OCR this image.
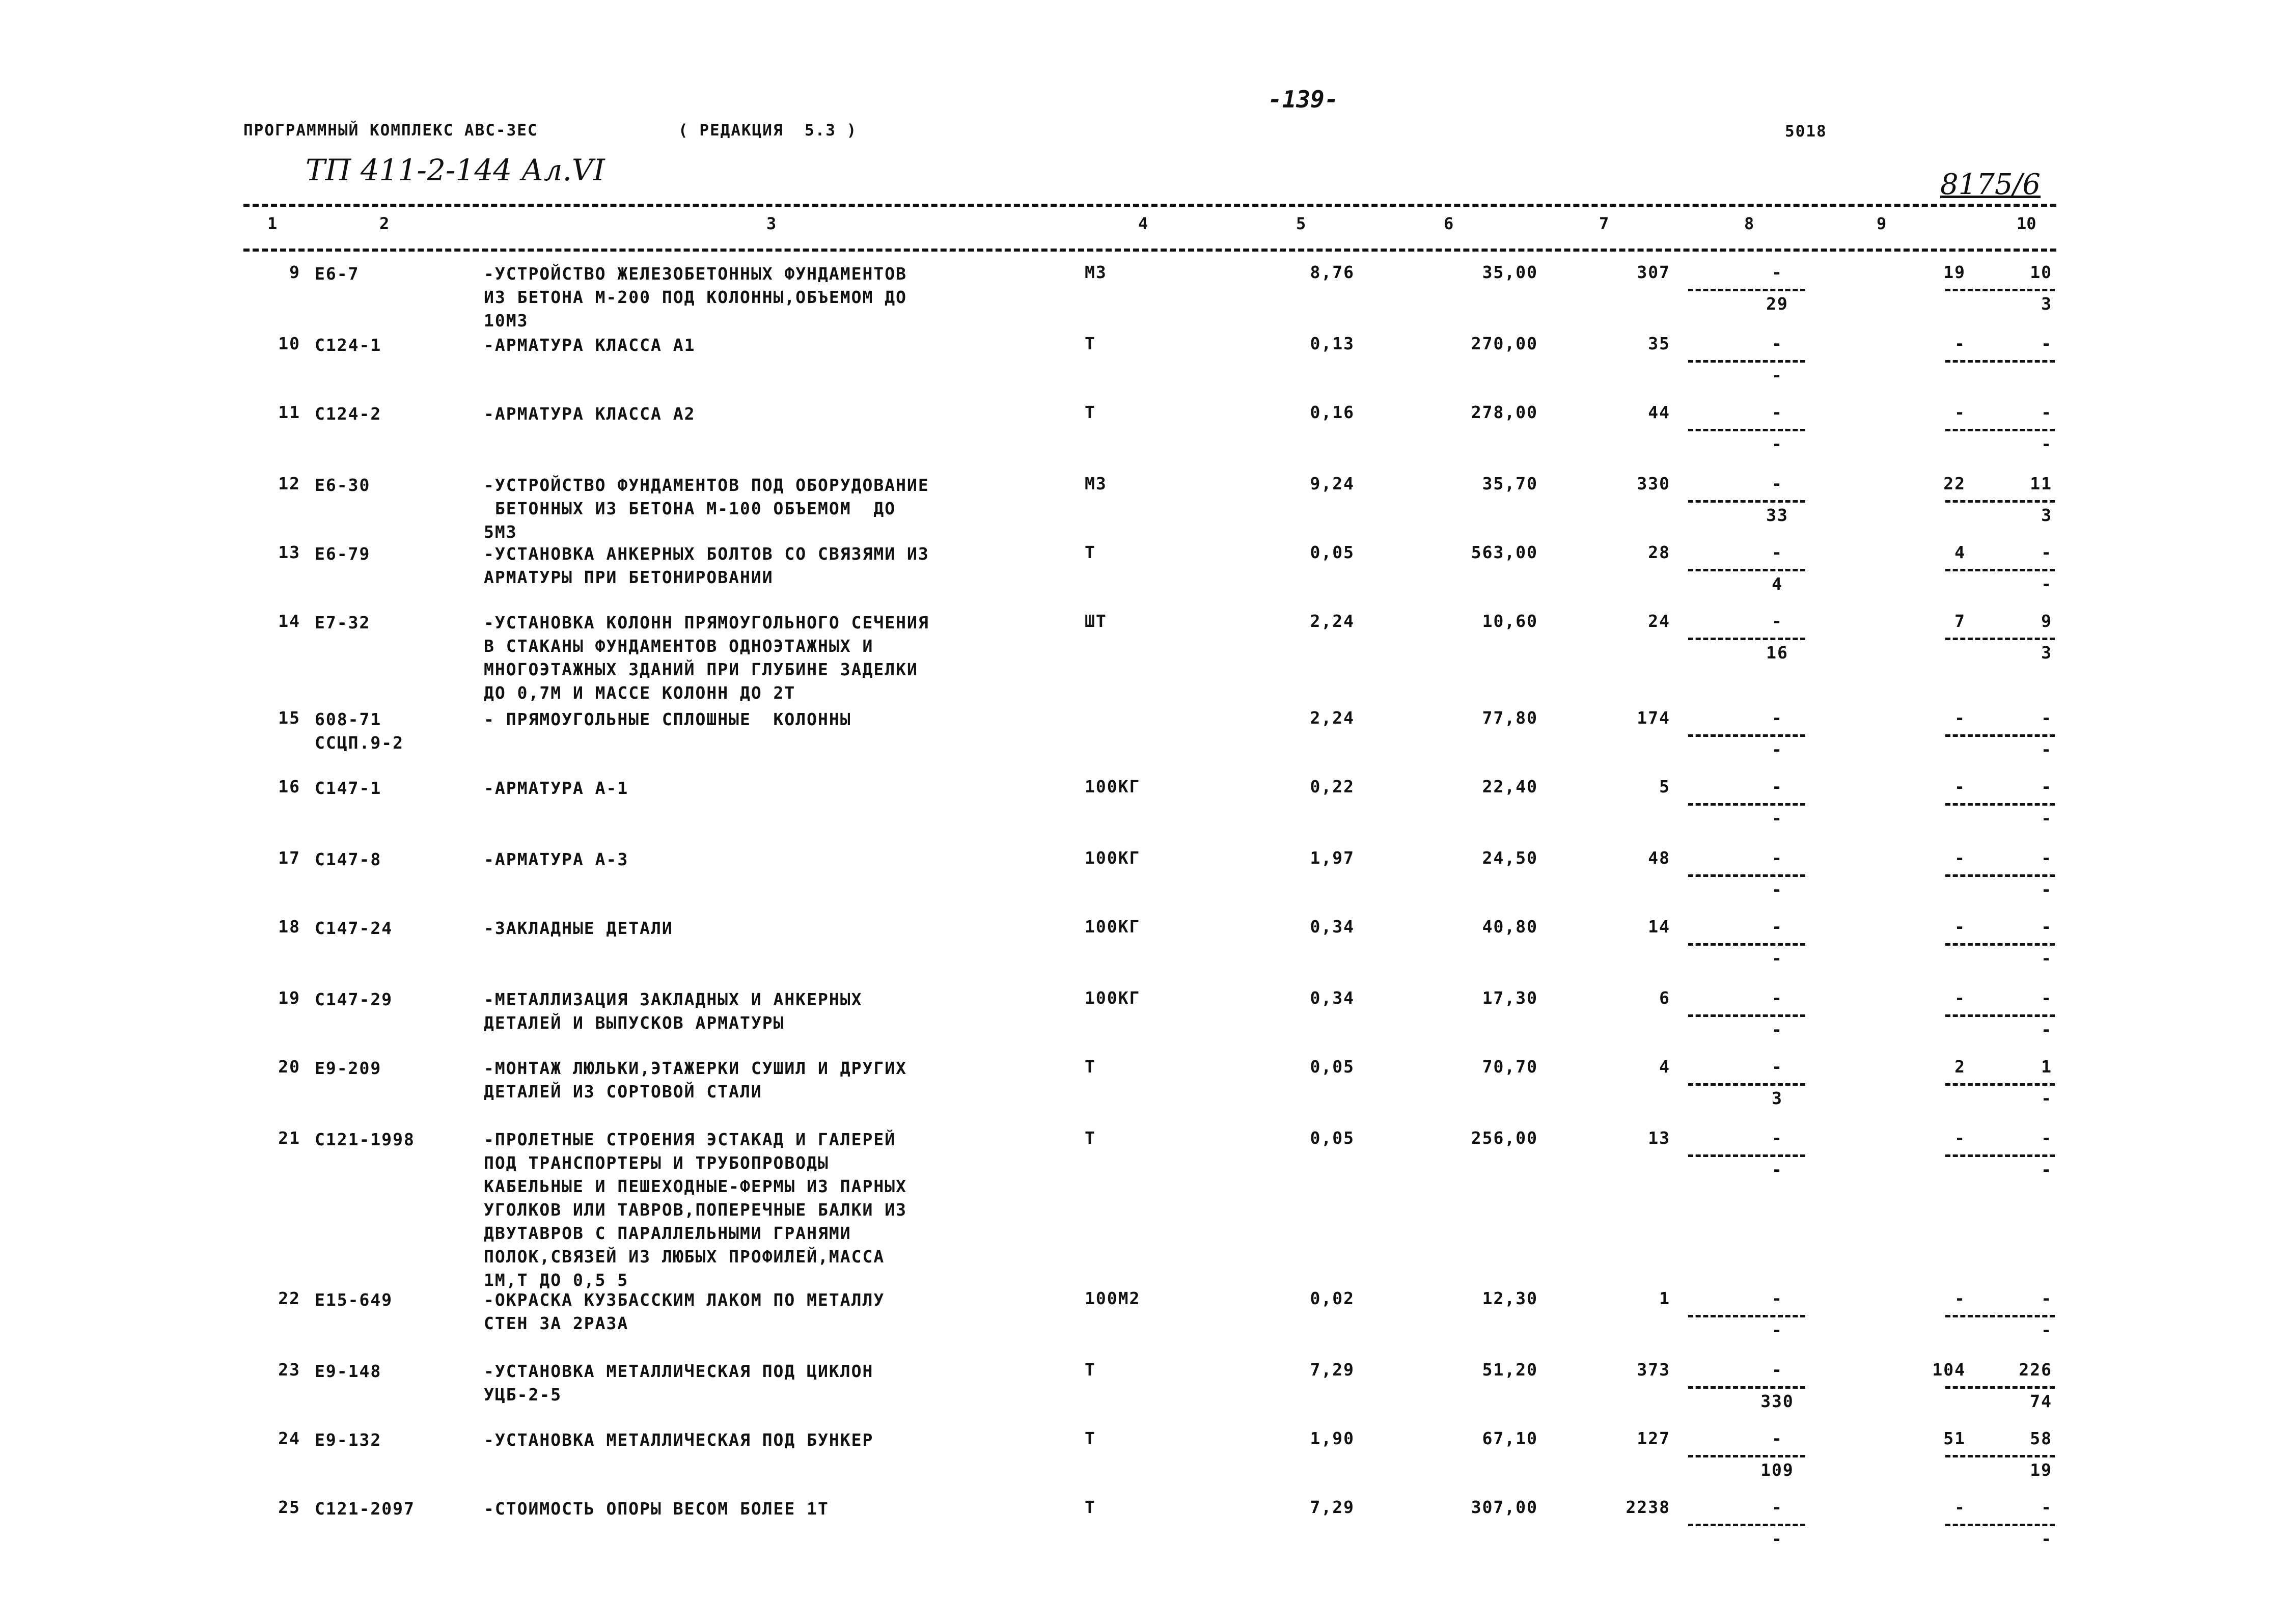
-139-
ПРОГРАММНЫЙ КОМПЛЕКС АВС-ЗЕС	( РЕДАКЦИЯ  5.3 )	5018
ТП 411-2-144 Ал.VI	8175/6
1	2	3	4	5	6	7	8	9	10
9 Е6-7	-УСТРОЙСТВО ЖЕЛЕЗОБЕТОННЫХ ФУНДАМЕНТОВ
ИЗ БЕТОНА М-200 ПОД КОЛОННЫ,ОБЪЕМОМ ДО
10М3
М3	8,76	35,00	307	-	19	10
29	3
10 С124-1	-АРМАТУРА КЛАССА А1	Т	0,13	270,00	35	-	-	-
-
11 С124-2	-АРМАТУРА КЛАССА А2	Т	0,16	278,00	44	-	-	-
-	-
12 Е6-30	-УСТРОЙСТВО ФУНДАМЕНТОВ ПОД ОБОРУДОВАНИЕ
БЕТОННЫХ ИЗ БЕТОНА М-100 ОБЪЕМОМ  ДО
5М3
М3	9,24	35,70	330	-	22	11
33	3
13 Е6-79	-УСТАНОВКА АНКЕРНЫХ БОЛТОВ СО СВЯЗЯМИ ИЗ
АРМАТУРЫ ПРИ БЕТОНИРОВАНИИ
Т	0,05	563,00	28	-	4	-
4	-
14 Е7-32	-УСТАНОВКА КОЛОНН ПРЯМОУГОЛЬНОГО СЕЧЕНИЯ
В СТАКАНЫ ФУНДАМЕНТОВ ОДНОЭТАЖНЫХ И
МНОГОЭТАЖНЫХ ЗДАНИЙ ПРИ ГЛУБИНЕ ЗАДЕЛКИ
ДО 0,7М И МАССЕ КОЛОНН ДО 2Т
ШТ	2,24	10,60	24	-	7	9
16	3
15 608-71
ССЦП.9-2
- ПРЯМОУГОЛЬНЫЕ СПЛОШНЫЕ  КОЛОННЫ	2,24	77,80	174	-	-	-
-	-
16 С147-1	-АРМАТУРА А-1	100КГ	0,22	22,40	5	-	-	-
-	-
17 С147-8	-АРМАТУРА А-3	100КГ	1,97	24,50	48	-	-	-
-	-
18 С147-24	-ЗАКЛАДНЫЕ ДЕТАЛИ	100КГ	0,34	40,80	14	-	-	-
-	-
19 С147-29	-МЕТАЛЛИЗАЦИЯ ЗАКЛАДНЫХ И АНКЕРНЫХ
ДЕТАЛЕЙ И ВЫПУСКОВ АРМАТУРЫ
100КГ	0,34	17,30	6	-	-	-
-	-
20 Е9-209	-МОНТАЖ ЛЮЛЬКИ,ЭТАЖЕРКИ СУШИЛ И ДРУГИХ
ДЕТАЛЕЙ ИЗ СОРТОВОЙ СТАЛИ
Т	0,05	70,70	4	-	2	1
3	-
21 С121-1998	-ПРОЛЕТНЫЕ СТРОЕНИЯ ЭСТАКАД И ГАЛЕРЕЙ
ПОД ТРАНСПОРТЕРЫ И ТРУБОПРОВОДЫ
КАБЕЛЬНЫЕ И ПЕШЕХОДНЫЕ-ФЕРМЫ ИЗ ПАРНЫХ
УГОЛКОВ ИЛИ ТАВРОВ,ПОПЕРЕЧНЫЕ БАЛКИ ИЗ
ДВУТАВРОВ С ПАРАЛЛЕЛЬНЫМИ ГРАНЯМИ
ПОЛОК,СВЯЗЕЙ ИЗ ЛЮБЫХ ПРОФИЛЕЙ,МАССА
1М,Т ДО 0,5 5
Т	0,05	256,00	13	-	-	-
-	-
22 Е15-649	-ОКРАСКА КУЗБАССКИМ ЛАКОМ ПО МЕТАЛЛУ
СТЕН ЗА 2РАЗА
100М2	0,02	12,30	1	-	-	-
-	-
23 Е9-148	-УСТАНОВКА МЕТАЛЛИЧЕСКАЯ ПОД ЦИКЛОН
УЦБ-2-5
Т	7,29	51,20	373	-	104	226
330	74
24 Е9-132	-УСТАНОВКА МЕТАЛЛИЧЕСКАЯ ПОД БУНКЕР	Т	1,90	67,10	127	-	51	58
109	19
25 С121-2097	-СТОИМОСТЬ ОПОРЫ ВЕСОМ БОЛЕЕ 1Т	Т	7,29	307,00	2238	-	-	-
-	-
